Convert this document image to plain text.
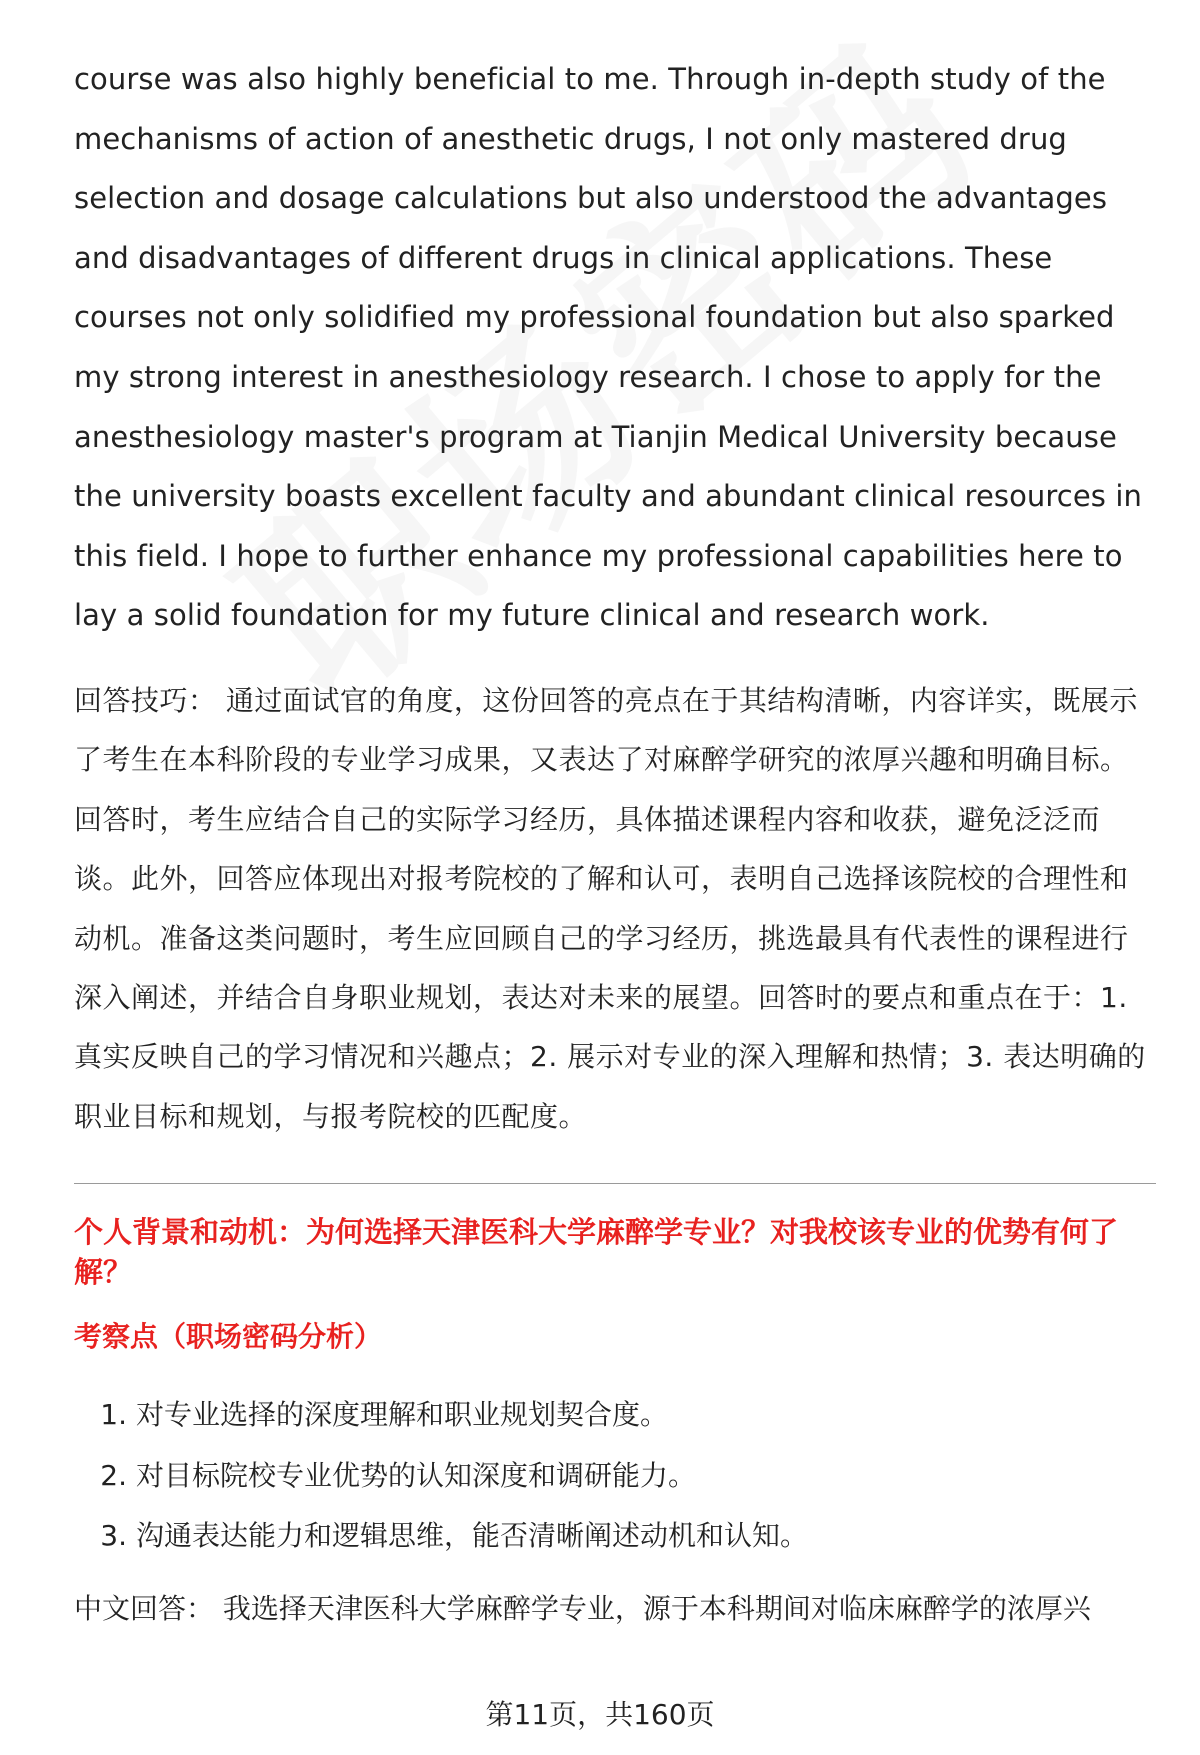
course was also highly beneficial to me. Through in-depth study of the mechanisms of action of anesthetic drugs, I not only mastered drug selection and dosage calculations but also understood the advantages and disadvantages of different drugs in clinical applications. These courses not only solidified my professional foundation but also sparked my strong interest in anesthesiology research. I chose to apply for the anesthesiology master's program at Tianjin Medical University because the university boasts excellent faculty and abundant clinical resources in this field. I hope to further enhance my professional capabilities here to lay a solid foundation for my future clinical and research work.

回答技巧： 通过面试官的角度，这份回答的亮点在于其结构清晰，内容详实，既展示了考生在本科阶段的专业学习成果，又表达了对麻醉学研究的浓厚兴趣和明确目标。回答时，考生应结合自己的实际学习经历，具体描述课程内容和收获，避免泛泛而谈。此外，回答应体现出对报考院校的了解和认可，表明自己选择该院校的合理性和动机。准备这类问题时，考生应回顾自己的学习经历，挑选最具有代表性的课程进行深入阐述，并结合自身职业规划，表达对未来的展望。回答时的要点和重点在于：1. 真实反映自己的学习情况和兴趣点；2. 展示对专业的深入理解和热情；3. 表达明确的职业目标和规划，与报考院校的匹配度。
个人背景和动机：为何选择天津医科大学麻醉学专业？对我校该专业的优势有何了解？
考察点（职场密码分析）
1. 对专业选择的深度理解和职业规划契合度。
2. 对目标院校专业优势的认知深度和调研能力。
3. 沟通表达能力和逻辑思维，能否清晰阐述动机和认知。
中文回答： 我选择天津医科大学麻醉学专业，源于本科期间对临床麻醉学的浓厚兴
第11页，共160页
